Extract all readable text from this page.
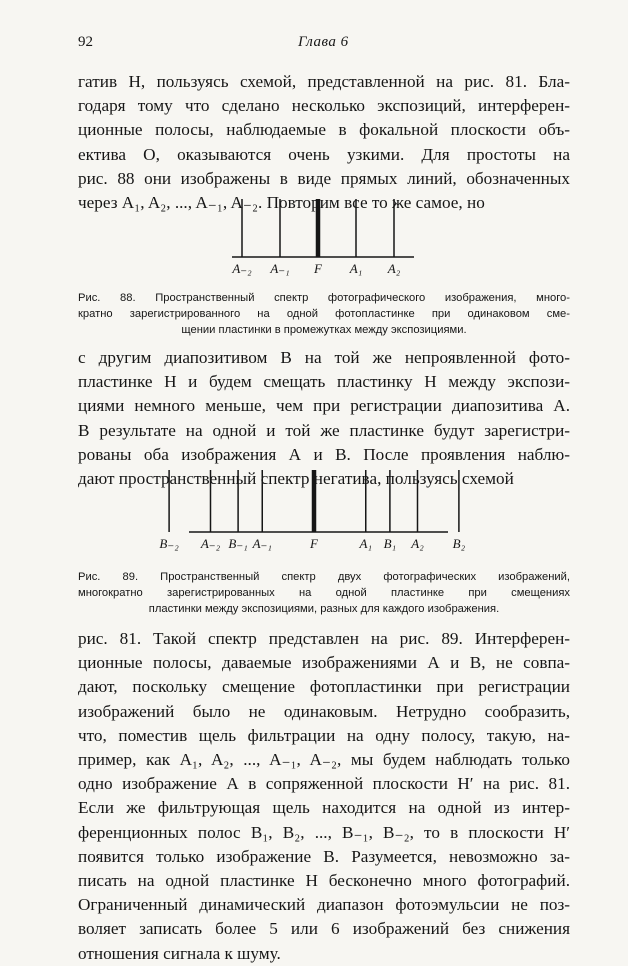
92	Глава 6
гатив Н, пользуясь схемой, представленной на рис. 81. Бла-
годаря тому что сделано несколько экспозиций, интерферен-
ционные полосы, наблюдаемые в фокальной плоскости объ-
ектива О, оказываются очень узкими. Для простоты на
рис. 88 они изображены в виде прямых линий, обозначенных
через A₁, A₂, ..., A₋₁, A₋₂. Повторим все то же самое, но
A₋₂ A₋₁ F A₁ A₂
Рис. 88. Пространственный спектр фотографического изображения, много-
кратно зарегистрированного на одной фотопластинке при одинаковом сме-
щении пластинки в промежутках между экспозициями.
с другим диапозитивом В на той же непроявленной фото-
пластинке Н и будем смещать пластинку Н между экспози-
циями немного меньше, чем при регистрации диапозитива А.
В результате на одной и той же пластинке будут зарегистри-
рованы оба изображения А и В. После проявления наблю-
дают пространственный спектр негатива, пользуясь схемой
B₋₂ A₋₂ B₋₁ A₋₁	F	A₁ B₁ A₂ B₂
Рис. 89. Пространственный спектр двух фотографических изображений,
многократно зарегистрированных на одной пластинке при смещениях
пластинки между экспозициями, разных для каждого изображения.
рис. 81. Такой спектр представлен на рис. 89. Интерферен-
ционные полосы, даваемые изображениями А и В, не совпа-
дают, поскольку смещение фотопластинки при регистрации
изображений было не одинаковым. Нетрудно сообразить,
что, поместив щель фильтрации на одну полосу, такую, на-
пример, как A₁, A₂, ..., A₋₁, A₋₂, мы будем наблюдать только
одно изображение А в сопряженной плоскости H′ на рис. 81.
Если же фильтрующая щель находится на одной из интер-
ференционных полос B₁, B₂, ..., B₋₁, B₋₂, то в плоскости H′
появится только изображение В. Разумеется, невозможно за-
писать на одной пластинке Н бесконечно много фотографий.
Ограниченный динамический диапазон фотоэмульсии не поз-
воляет записать более 5 или 6 изображений без снижения
отношения сигнала к шуму.
